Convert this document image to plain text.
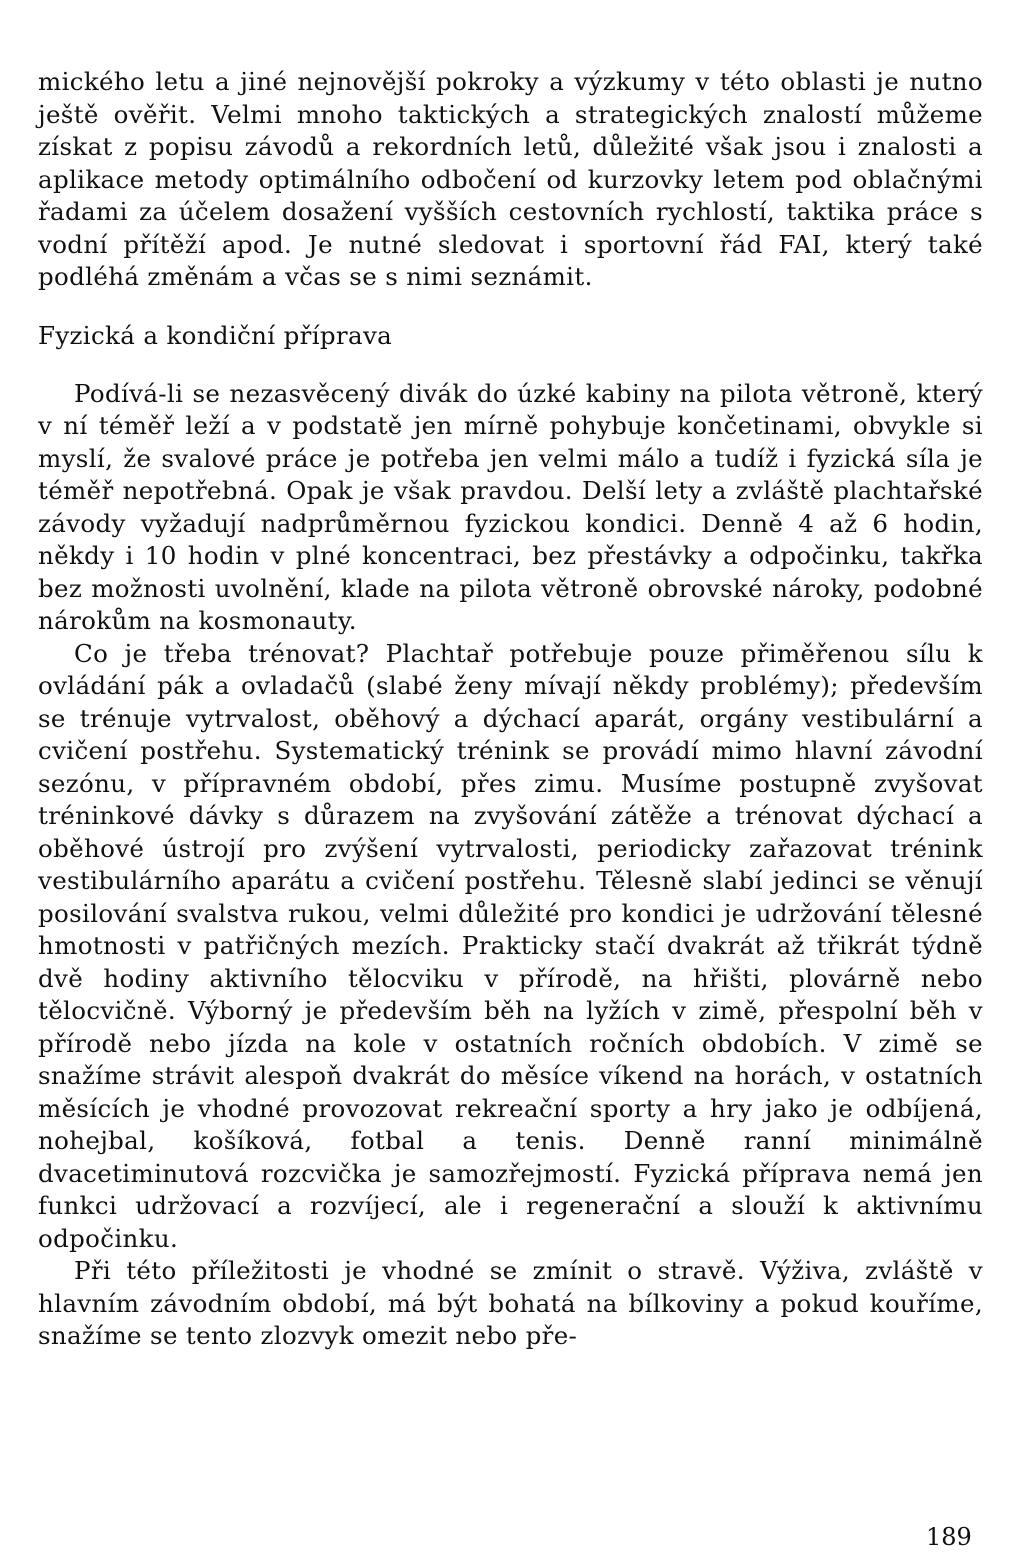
mického letu a jiné nejnovější pokroky a výzkumy v této oblasti je nutno ještě ověřit. Velmi mnoho taktických a strategických znalostí můžeme získat z popisu závodů a rekordních letů, důležité však jsou i znalosti a aplikace metody optimálního odbočení od kurzovky letem pod oblačnými řadami za účelem dosažení vyšších cestovních rychlostí, taktika práce s vodní přítěží apod. Je nutné sledovat i sportovní řád FAI, který také podléhá změnám a včas se s nimi seznámit.

Fyzická a kondiční příprava

Podívá-li se nezasvěcený divák do úzké kabiny na pilota větroně, který v ní téměř leží a v podstatě jen mírně pohybuje končetinami, obvykle si myslí, že svalové práce je potřeba jen velmi málo a tudíž i fyzická síla je téměř nepotřebná. Opak je však pravdou. Delší lety a zvláště plachtařské závody vyžadují nadprůměrnou fyzickou kondici. Denně 4 až 6 hodin, někdy i 10 hodin v plné koncentraci, bez přestávky a odpočinku, takřka bez možnosti uvolnění, klade na pilota větroně obrovské nároky, podobné nárokům na kosmonauty.

Co je třeba trénovat? Plachtař potřebuje pouze přiměřenou sílu k ovládání pák a ovladačů (slabé ženy mívají někdy problémy); především se trénuje vytrvalost, oběhový a dýchací aparát, orgány vestibulární a cvičení postřehu. Systematický trénink se provádí mimo hlavní závodní sezónu, v přípravném období, přes zimu. Musíme postupně zvyšovat tréninkové dávky s důrazem na zvyšování zátěže a trénovat dýchací a oběhové ústrojí pro zvýšení vytrvalosti, periodicky zařazovat trénink vestibulárního aparátu a cvičení postřehu. Tělesně slabí jedinci se věnují posilování svalstva rukou, velmi důležité pro kondici je udržování tělesné hmotnosti v patřičných mezích. Prakticky stačí dvakrát až třikrát týdně dvě hodiny aktivního tělocviku v přírodě, na hřišti, plovárně nebo tělocvičně. Výborný je především běh na lyžích v zimě, přespolní běh v přírodě nebo jízda na kole v ostatních ročních obdobích. V zimě se snažíme strávit alespoň dvakrát do měsíce víkend na horách, v ostatních měsících je vhodné provozovat rekreační sporty a hry jako je odbíjená, nohejbal, košíková, fotbal a tenis. Denně ranní minimálně dvacetiminutová rozcvička je samozřejmostí. Fyzická příprava nemá jen funkci udržovací a rozvíjecí, ale i regenerační a slouží k aktivnímu odpočinku.

Při této příležitosti je vhodné se zmínit o stravě. Výživa, zvláště v hlavním závodním období, má být bohatá na bílkoviny a pokud kouříme, snažíme se tento zlozvyk omezit nebo pře-

189
